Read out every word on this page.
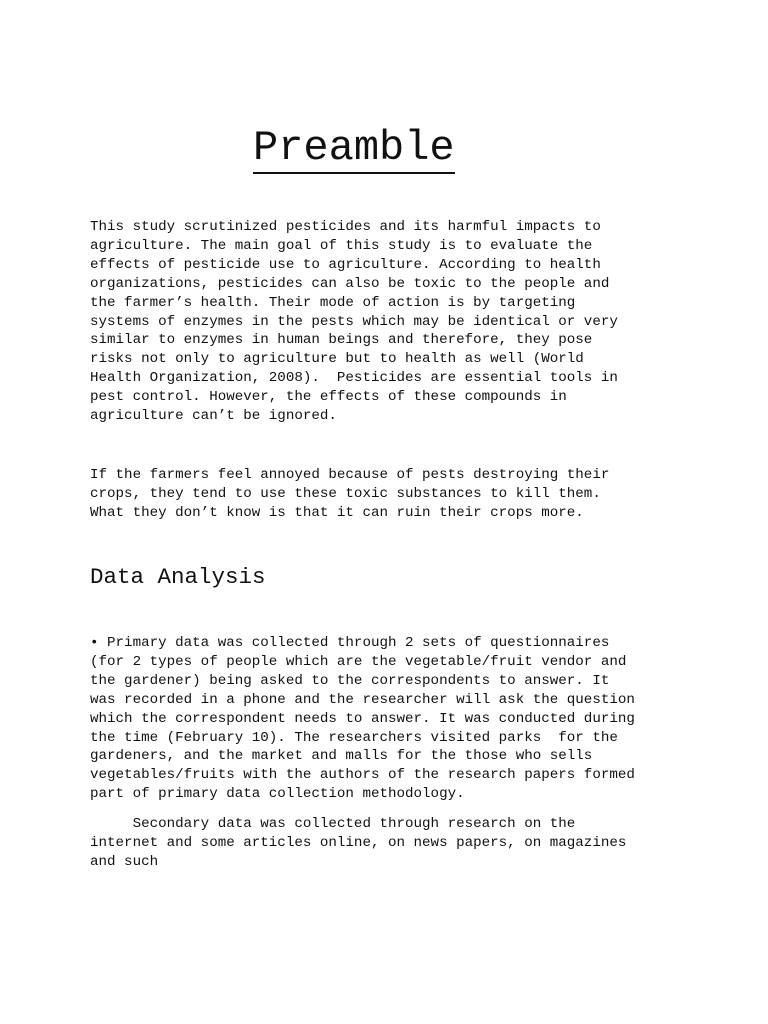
Preamble

This study scrutinized pesticides and its harmful impacts to
agriculture. The main goal of this study is to evaluate the
effects of pesticide use to agriculture. According to health
organizations, pesticides can also be toxic to the people and
the farmer’s health. Their mode of action is by targeting
systems of enzymes in the pests which may be identical or very
similar to enzymes in human beings and therefore, they pose
risks not only to agriculture but to health as well (World
Health Organization, 2008).  Pesticides are essential tools in
pest control. However, the effects of these compounds in
agriculture can’t be ignored.

If the farmers feel annoyed because of pests destroying their
crops, they tend to use these toxic substances to kill them.
What they don’t know is that it can ruin their crops more.

Data Analysis

• Primary data was collected through 2 sets of questionnaires
(for 2 types of people which are the vegetable/fruit vendor and
the gardener) being asked to the correspondents to answer. It
was recorded in a phone and the researcher will ask the question
which the correspondent needs to answer. It was conducted during
the time (February 10). The researchers visited parks  for the
gardeners, and the market and malls for the those who sells
vegetables/fruits with the authors of the research papers formed
part of primary data collection methodology.

Secondary data was collected through research on the
internet and some articles online, on news papers, on magazines
and such
